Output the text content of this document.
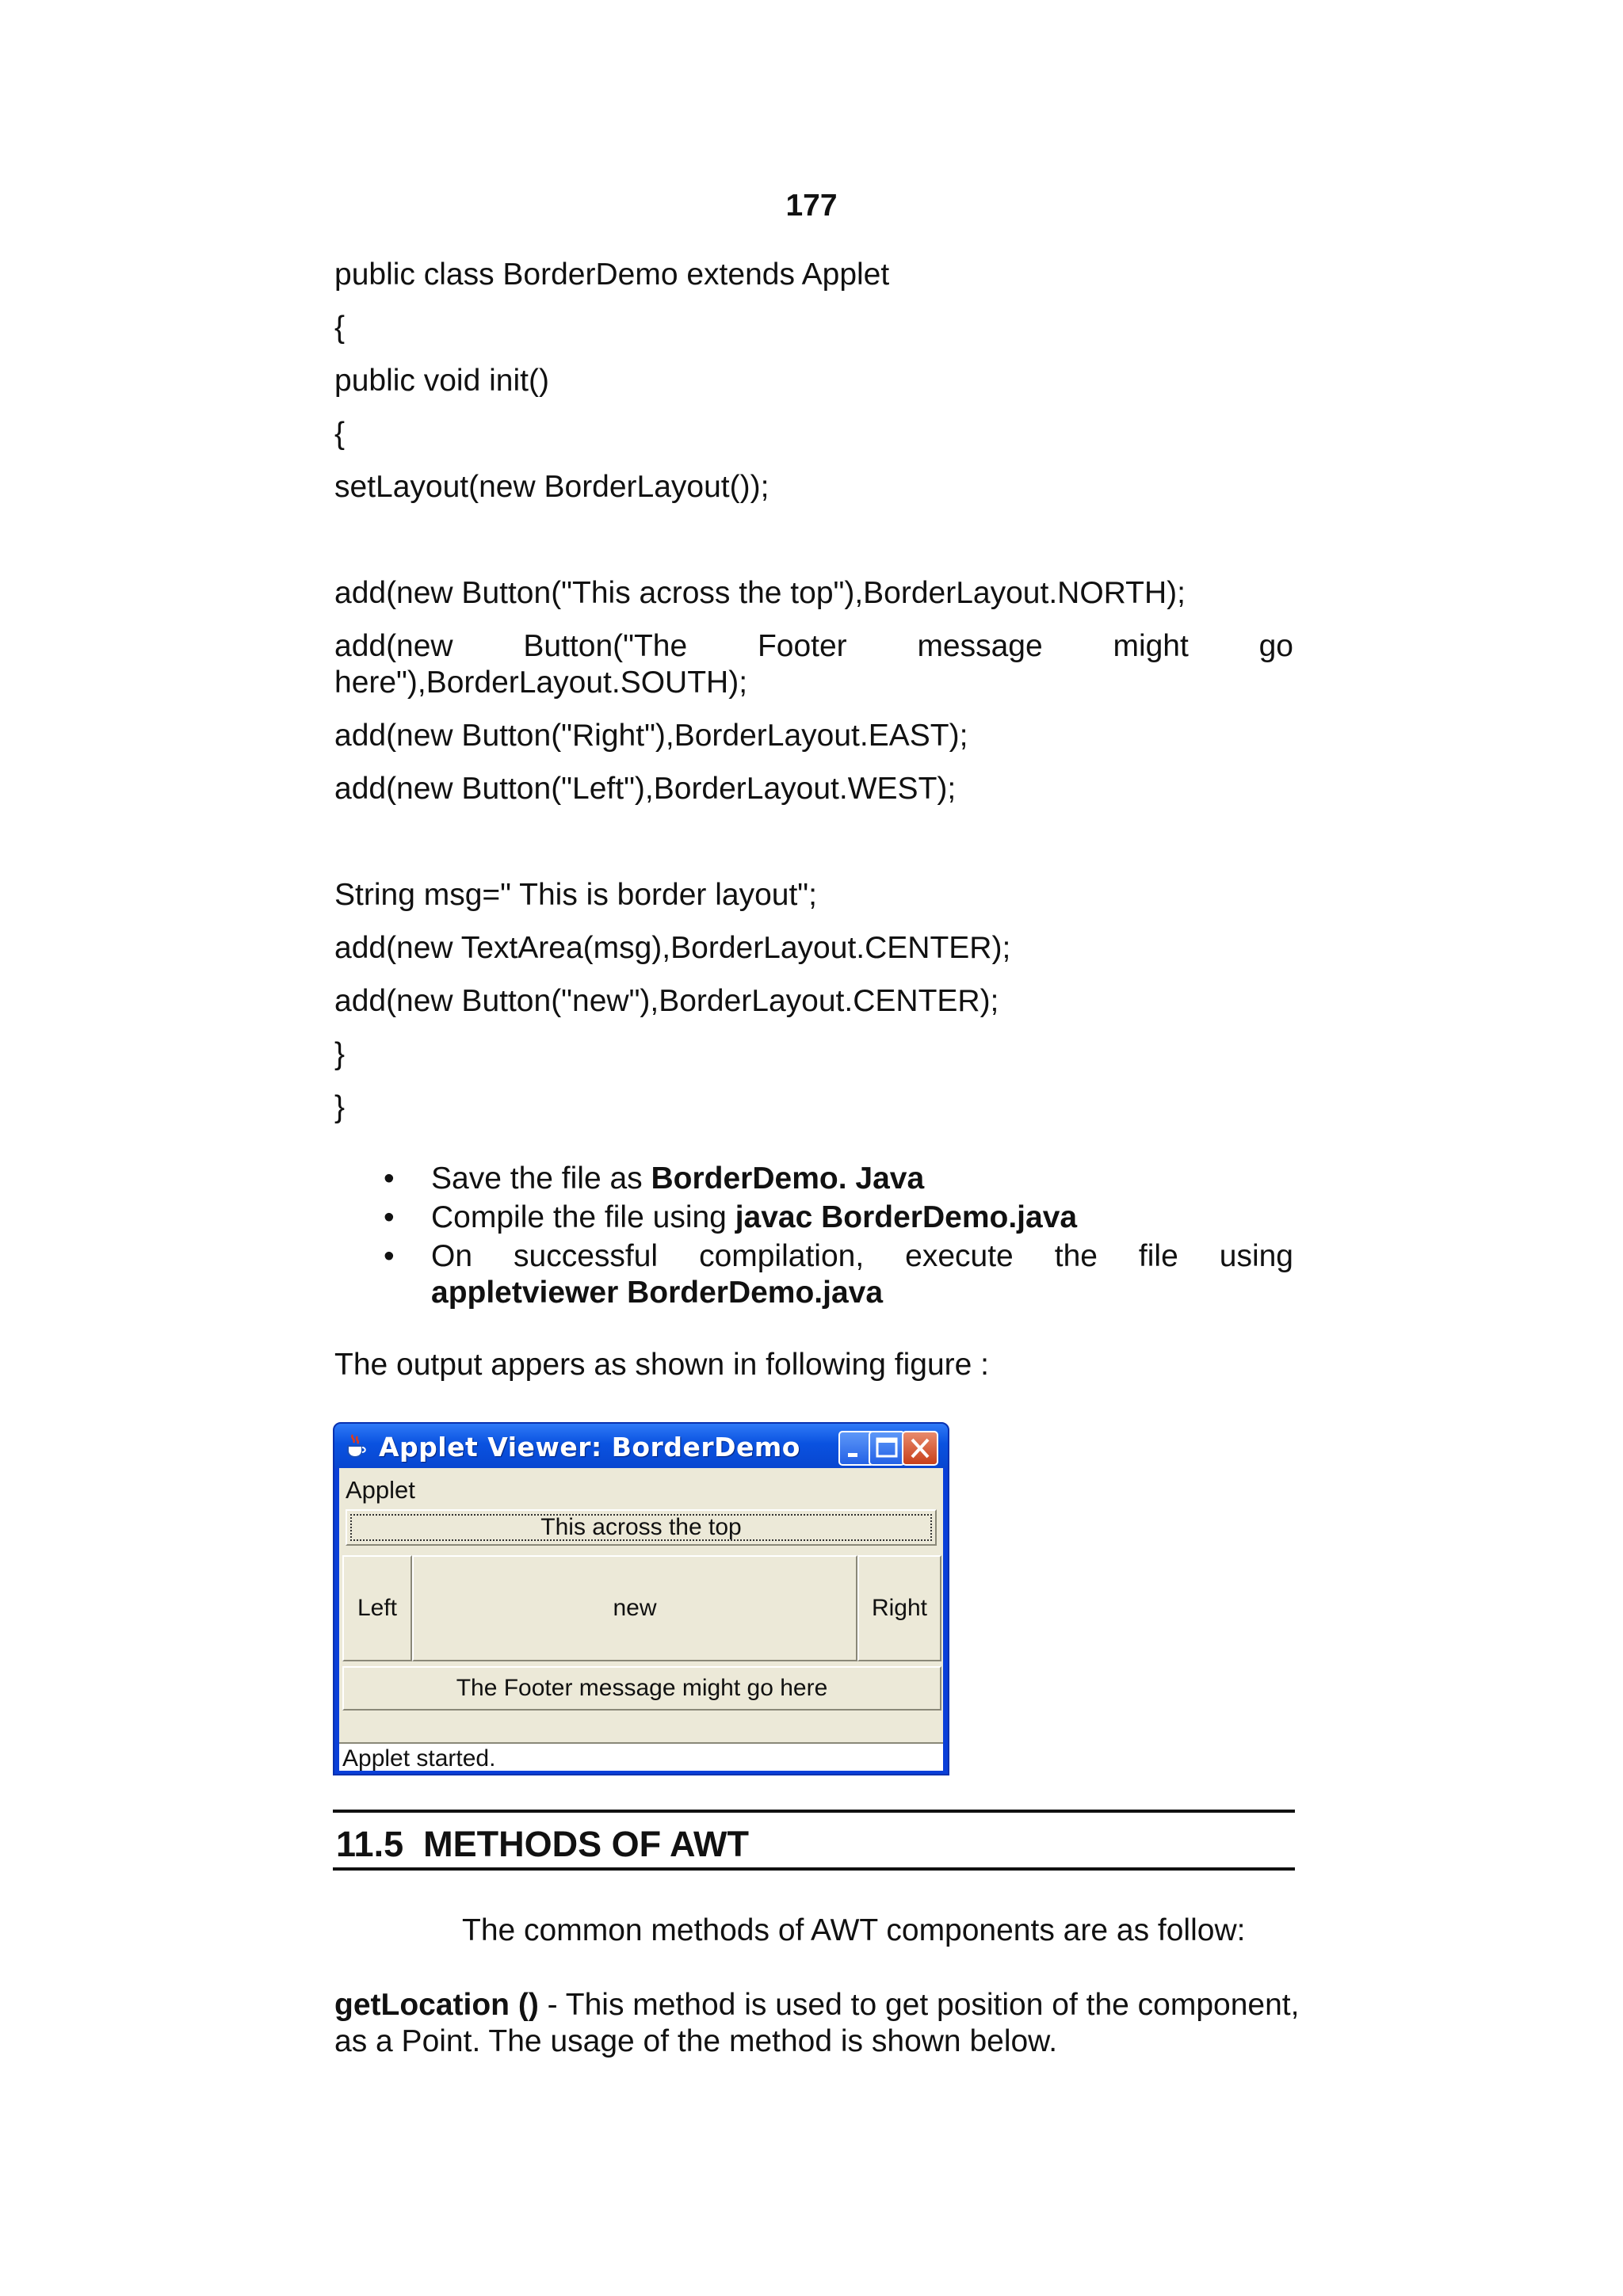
177
public class BorderDemo extends Applet
{
public void init()
{
setLayout(new BorderLayout());
add(new Button("This across the top"),BorderLayout.NORTH);
add(new Button("The Footer message might go
here"),BorderLayout.SOUTH);
add(new Button("Right"),BorderLayout.EAST);
add(new Button("Left"),BorderLayout.WEST);
String msg=" This is border layout";
add(new TextArea(msg),BorderLayout.CENTER);
add(new Button("new"),BorderLayout.CENTER);
}
}
• Save the file as BorderDemo. Java
• Compile the file using javac BorderDemo.java
• On successful compilation, execute the file using
appletviewer BorderDemo.java
The output appers as shown in following figure :
Applet Viewer: BorderDemo
Applet
This across the top
Left	new	Right
The Footer message might go here
Applet started.
11.5 METHODS OF AWT
The common methods of AWT components are as follow:
getLocation () - This method is used to get position of the component, as a Point. The usage of the method is shown below.
